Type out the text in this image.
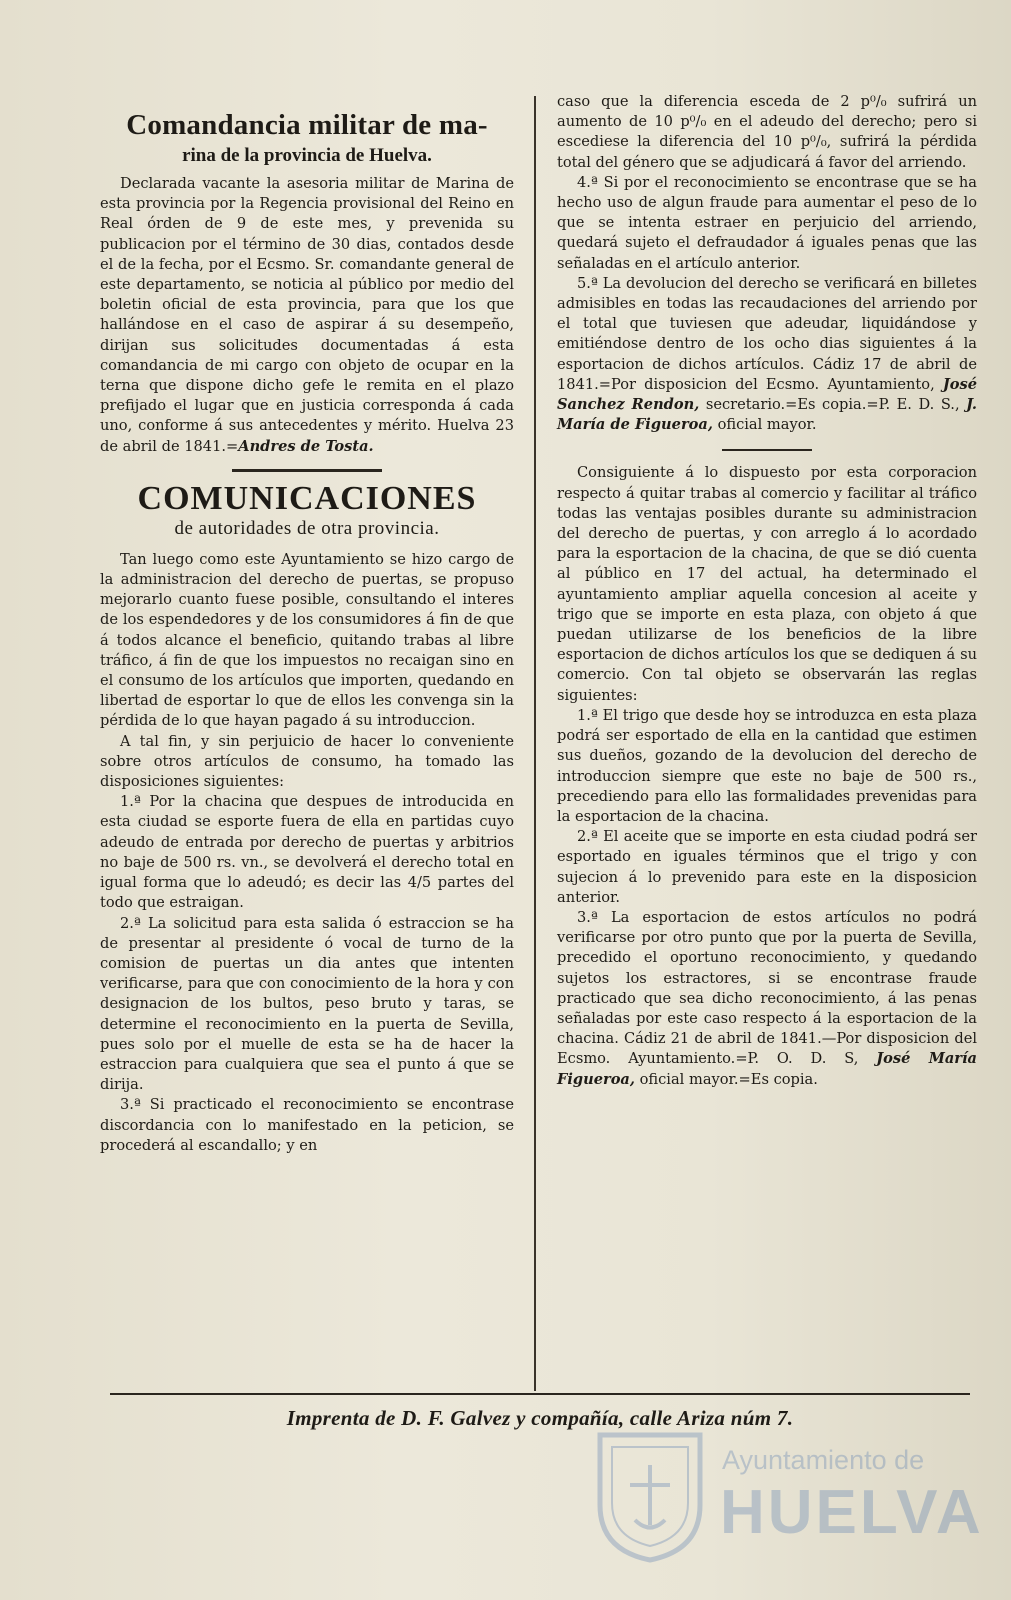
Comandancia militar de ma-
rina de la provincia de Huelva.

Declarada vacante la asesoria militar de Marina de esta provincia por la Regencia provisional del Reino en Real órden de 9 de este mes, y prevenida su publicacion por el término de 30 dias, contados desde el de la fecha, por el Ecsmo. Sr. comandante general de este departamento, se noticia al público por medio del boletin oficial de esta provincia, para que los que hallándose en el caso de aspirar á su desempeño, dirijan sus solicitudes documentadas á esta comandancia de mi cargo con objeto de ocupar en la terna que dispone dicho gefe le remita en el plazo prefijado el lugar que en justicia corresponda á cada uno, conforme á sus antecedentes y mérito. Huelva 23 de abril de 1841.=Andres de Tosta.

COMUNICACIONES
de autoridades de otra provincia.

Tan luego como este Ayuntamiento se hizo cargo de la administracion del derecho de puertas, se propuso mejorarlo cuanto fuese posible, consultando el interes de los espendedores y de los consumidores á fin de que á todos alcance el beneficio, quitando trabas al libre tráfico, á fin de que los impuestos no recaigan sino en el consumo de los artículos que importen, quedando en libertad de esportar lo que de ellos les convenga sin la pérdida de lo que hayan pagado á su introduccion.

A tal fin, y sin perjuicio de hacer lo conveniente sobre otros artículos de consumo, ha tomado las disposiciones siguientes:

1.ª Por la chacina que despues de introducida en esta ciudad se esporte fuera de ella en partidas cuyo adeudo de entrada por derecho de puertas y arbitrios no baje de 500 rs. vn., se devolverá el derecho total en igual forma que lo adeudó; es decir las 4/5 partes del todo que estraigan.

2.ª La solicitud para esta salida ó estraccion se ha de presentar al presidente ó vocal de turno de la comision de puertas un dia antes que intenten verificarse, para que con conocimiento de la hora y con designacion de los bultos, peso bruto y taras, se determine el reconocimiento en la puerta de Sevilla, pues solo por el muelle de esta se ha de hacer la estraccion para cualquiera que sea el punto á que se dirija.

3.ª Si practicado el reconocimiento se encontrase discordancia con lo manifestado en la peticion, se procederá al escandallo; y en

caso que la diferencia esceda de 2 p⁰/₀ sufrirá un aumento de 10 p⁰/₀ en el adeudo del derecho; pero si escediese la diferencia del 10 p⁰/₀, sufrirá la pérdida total del género que se adjudicará á favor del arriendo.

4.ª Si por el reconocimiento se encontrase que se ha hecho uso de algun fraude para aumentar el peso de lo que se intenta estraer en perjuicio del arriendo, quedará sujeto el defraudador á iguales penas que las señaladas en el artículo anterior.

5.ª La devolucion del derecho se verificará en billetes admisibles en todas las recaudaciones del arriendo por el total que tuviesen que adeudar, liquidándose y emitiéndose dentro de los ocho dias siguientes á la esportacion de dichos artículos. Cádiz 17 de abril de 1841.=Por disposicion del Ecsmo. Ayuntamiento, José Sanchez Rendon, secretario.=Es copia.=P. E. D. S., J. María de Figueroa, oficial mayor.

Consiguiente á lo dispuesto por esta corporacion respecto á quitar trabas al comercio y facilitar al tráfico todas las ventajas posibles durante su administracion del derecho de puertas, y con arreglo á lo acordado para la esportacion de la chacina, de que se dió cuenta al público en 17 del actual, ha determinado el ayuntamiento ampliar aquella concesion al aceite y trigo que se importe en esta plaza, con objeto á que puedan utilizarse de los beneficios de la libre esportacion de dichos artículos los que se dediquen á su comercio. Con tal objeto se observarán las reglas siguientes:

1.ª El trigo que desde hoy se introduzca en esta plaza podrá ser esportado de ella en la cantidad que estimen sus dueños, gozando de la devolucion del derecho de introduccion siempre que este no baje de 500 rs., precediendo para ello las formalidades prevenidas para la esportacion de la chacina.

2.ª El aceite que se importe en esta ciudad podrá ser esportado en iguales términos que el trigo y con sujecion á lo prevenido para este en la disposicion anterior.

3.ª La esportacion de estos artículos no podrá verificarse por otro punto que por la puerta de Sevilla, precedido el oportuno reconocimiento, y quedando sujetos los estractores, si se encontrase fraude practicado que sea dicho reconocimiento, á las penas señaladas por este caso respecto á la esportacion de la chacina. Cádiz 21 de abril de 1841.—Por disposicion del Ecsmo. Ayuntamiento.=P. O. D. S, José María Figueroa, oficial mayor.=Es copia.

Imprenta de D. F. Galvez y compañía, calle Ariza núm 7.
Ayuntamiento de
HUELVA
